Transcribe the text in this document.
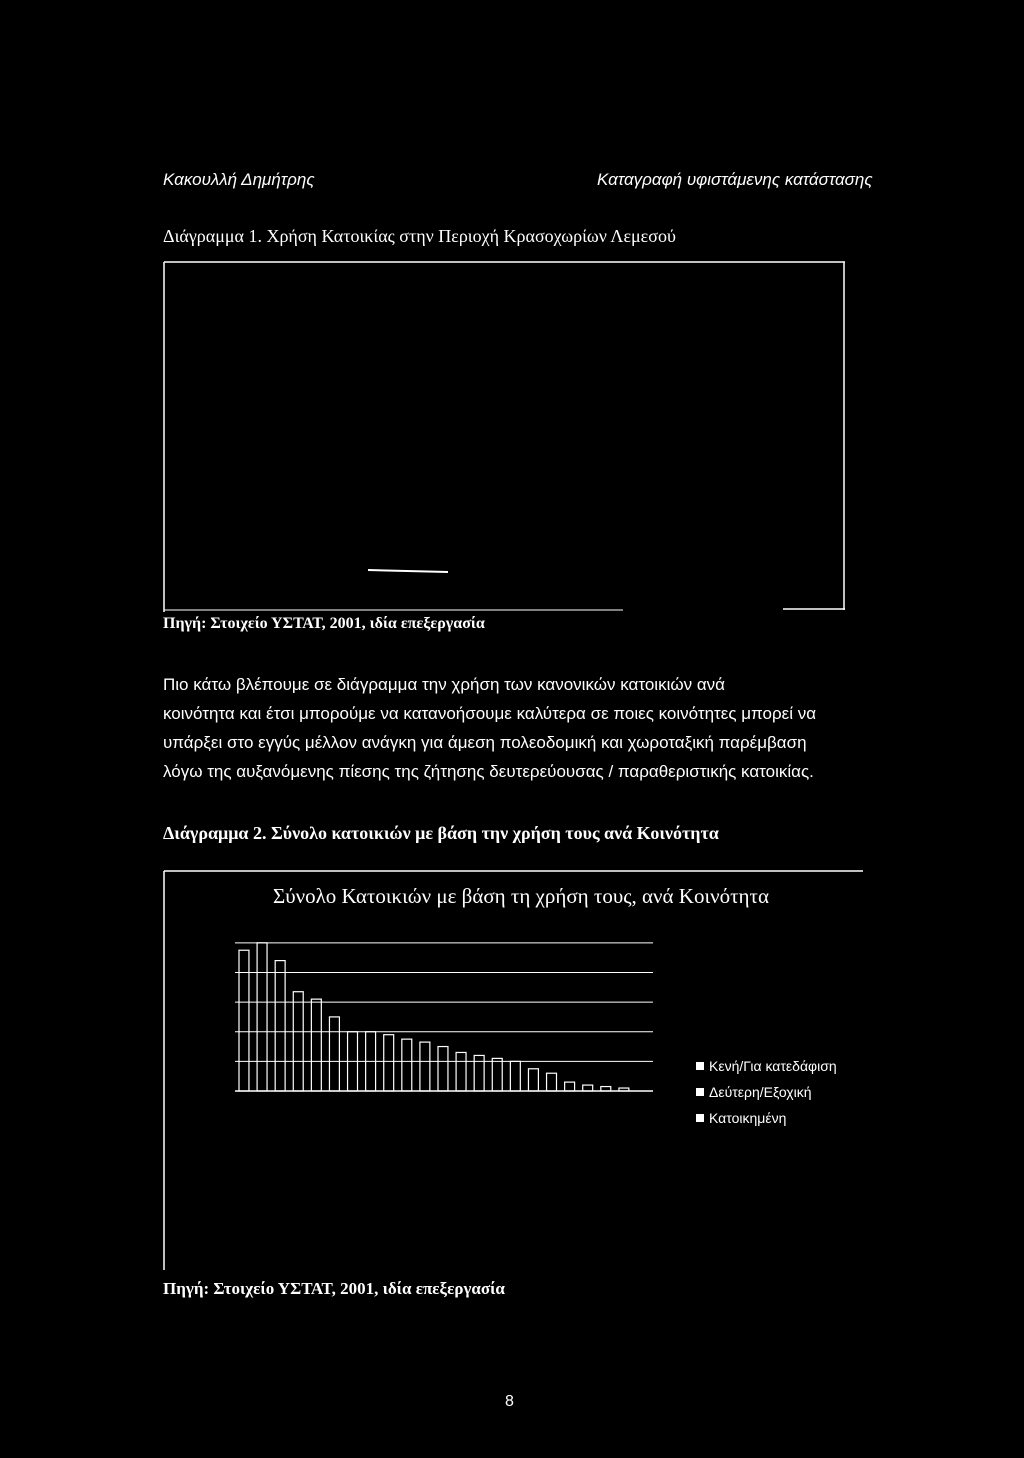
Κακουλλή Δημήτρης	Καταγραφή υφιστάμενης κατάστασης
Διάγραμμα 1. Χρήση Κατοικίας στην Περιοχή Κρασοχωρίων Λεμεσού
Πηγή: Στοιχείο ΥΣΤΑΤ, 2001, ιδία επεξεργασία
Πιο κάτω βλέπουμε σε διάγραμμα την χρήση των κανονικών κατοικιών ανά
κοινότητα και έτσι μπορούμε να κατανοήσουμε καλύτερα σε ποιες κοινότητες μπορεί να
υπάρξει στο εγγύς μέλλον ανάγκη για άμεση πολεοδομική και χωροταξική παρέμβαση
λόγω της αυξανόμενης πίεσης της ζήτησης δευτερεύουσας / παραθεριστικής κατοικίας.
Διάγραμμα 2. Σύνολο κατοικιών με βάση την χρήση τους ανά Κοινότητα
Σύνολο Κατοικιών με βάση τη χρήση τους, ανά Κοινότητα
Κενή/Για κατεδάφιση
Δεύτερη/Εξοχική
Κατοικημένη
Πηγή: Στοιχείο ΥΣΤΑΤ, 2001, ιδία επεξεργασία
8
